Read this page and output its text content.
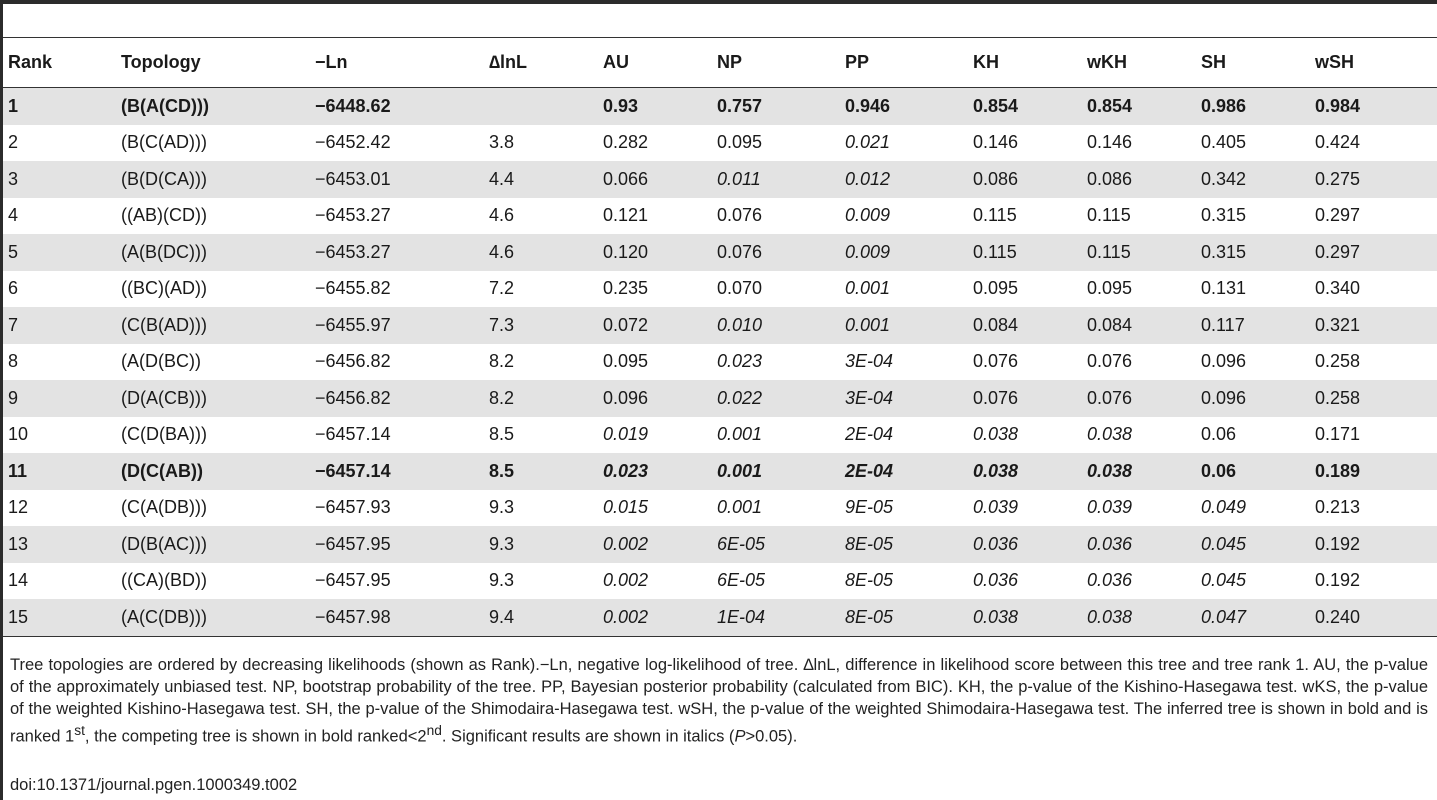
Rank	Topology	−Ln	∆lnL	AU	NP	PP	KH	wKH	SH	wSH
1	(B(A(CD)))	−6448.62		0.93	0.757	0.946	0.854	0.854	0.986	0.984
2	(B(C(AD)))	−6452.42	3.8	0.282	0.095	0.021	0.146	0.146	0.405	0.424
3	(B(D(CA)))	−6453.01	4.4	0.066	0.011	0.012	0.086	0.086	0.342	0.275
4	((AB)(CD))	−6453.27	4.6	0.121	0.076	0.009	0.115	0.115	0.315	0.297
5	(A(B(DC)))	−6453.27	4.6	0.120	0.076	0.009	0.115	0.115	0.315	0.297
6	((BC)(AD))	−6455.82	7.2	0.235	0.070	0.001	0.095	0.095	0.131	0.340
7	(C(B(AD)))	−6455.97	7.3	0.072	0.010	0.001	0.084	0.084	0.117	0.321
8	(A(D(BC))	−6456.82	8.2	0.095	0.023	3E-04	0.076	0.076	0.096	0.258
9	(D(A(CB)))	−6456.82	8.2	0.096	0.022	3E-04	0.076	0.076	0.096	0.258
10	(C(D(BA)))	−6457.14	8.5	0.019	0.001	2E-04	0.038	0.038	0.06	0.171
11	(D(C(AB))	−6457.14	8.5	0.023	0.001	2E-04	0.038	0.038	0.06	0.189
12	(C(A(DB)))	−6457.93	9.3	0.015	0.001	9E-05	0.039	0.039	0.049	0.213
13	(D(B(AC)))	−6457.95	9.3	0.002	6E-05	8E-05	0.036	0.036	0.045	0.192
14	((CA)(BD))	−6457.95	9.3	0.002	6E-05	8E-05	0.036	0.036	0.045	0.192
15	(A(C(DB)))	−6457.98	9.4	0.002	1E-04	8E-05	0.038	0.038	0.047	0.240
Tree topologies are ordered by decreasing likelihoods (shown as Rank).−Ln, negative log-likelihood of tree. ∆lnL, difference in likelihood score between this tree and tree rank 1. AU, the p-value of the approximately unbiased test. NP, bootstrap probability of the tree. PP, Bayesian posterior probability (calculated from BIC). KH, the p-value of the Kishino-Hasegawa test. wKS, the p-value of the weighted Kishino-Hasegawa test. SH, the p-value of the Shimodaira-Hasegawa test. wSH, the p-value of the weighted Shimodaira-Hasegawa test. The inferred tree is shown in bold and is ranked 1st, the competing tree is shown in bold ranked<2nd. Significant results are shown in italics (P>0.05).
doi:10.1371/journal.pgen.1000349.t002
